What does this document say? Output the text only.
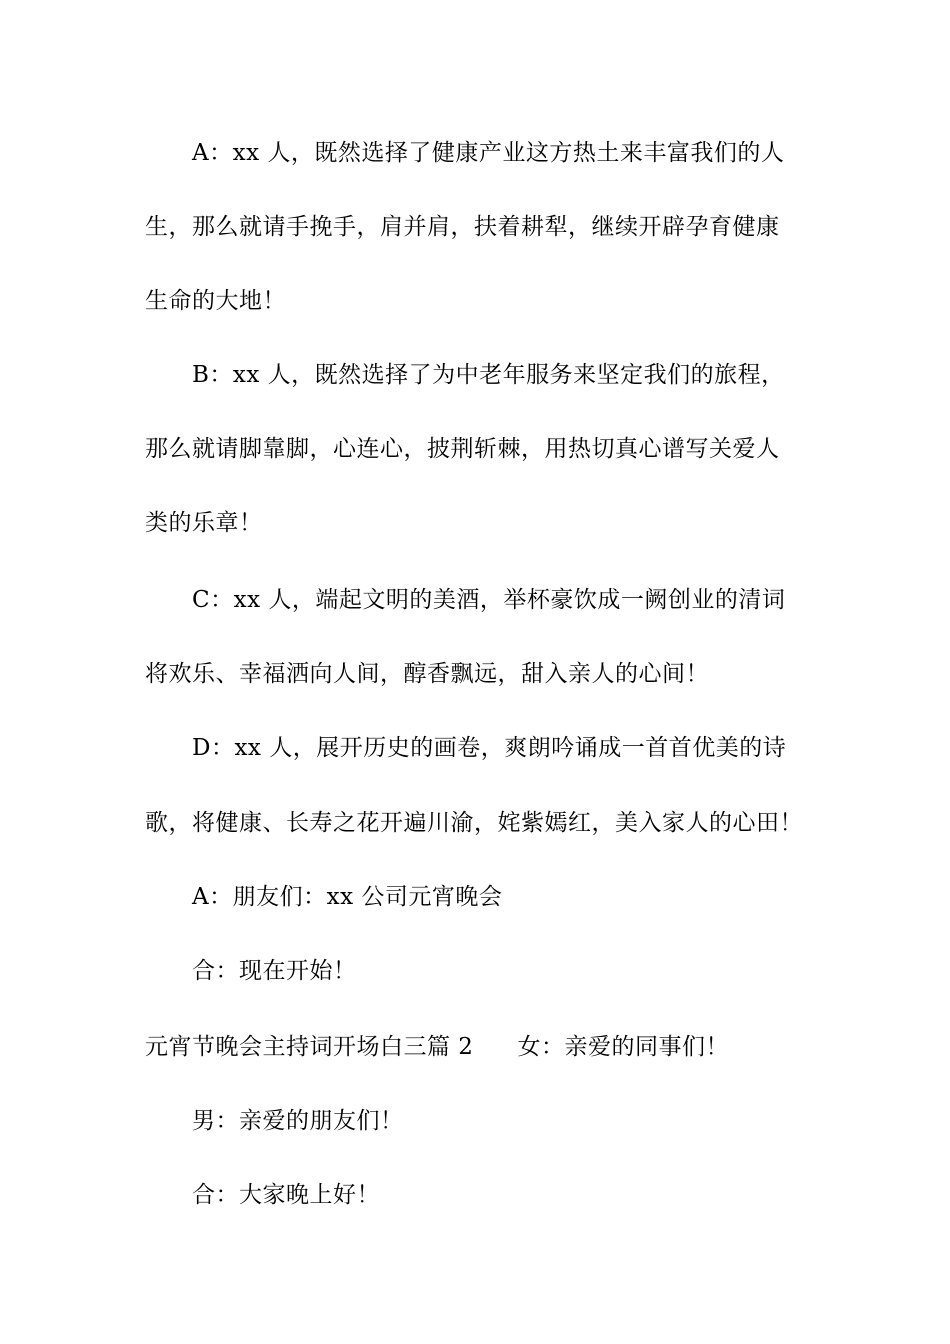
A：xx 人，既然选择了健康产业这方热土来丰富我们的人
生，那么就请手挽手，肩并肩，扶着耕犁，继续开辟孕育健康
生命的大地！
B：xx 人，既然选择了为中老年服务来坚定我们的旅程，
那么就请脚靠脚，心连心，披荆斩棘，用热切真心谱写关爱人
类的乐章！
C：xx 人，端起文明的美酒，举杯豪饮成一阙创业的清词
将欢乐、幸福洒向人间，醇香飘远，甜入亲人的心间！
D：xx 人，展开历史的画卷，爽朗吟诵成一首首优美的诗
歌，将健康、长寿之花开遍川渝，姹紫嫣红，美入家人的心田！
A：朋友们：xx 公司元宵晚会
合：现在开始！
元宵节晚会主持词开场白三篇 2 女：亲爱的同事们！
男：亲爱的朋友们！
合：大家晚上好！
